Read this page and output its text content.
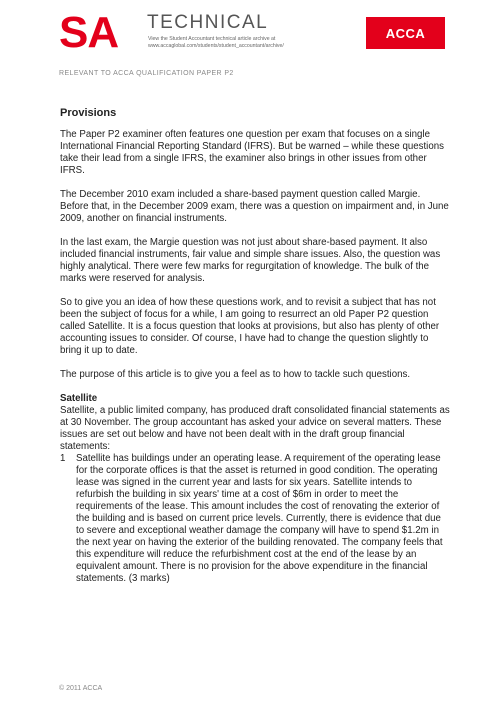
SA TECHNICAL
View the Student Accountant technical article archive at www.accaglobal.com/students/student_accountant/archive/
ACCA
RELEVANT TO ACCA QUALIFICATION PAPER P2
Provisions

The Paper P2 examiner often features one question per exam that focuses on a single International Financial Reporting Standard (IFRS). But be warned – while these questions take their lead from a single IFRS, the examiner also brings in other issues from other IFRS.

The December 2010 exam included a share-based payment question called Margie. Before that, in the December 2009 exam, there was a question on impairment and, in June 2009, another on financial instruments.

In the last exam, the Margie question was not just about share-based payment. It also included financial instruments, fair value and simple share issues. Also, the question was highly analytical. There were few marks for regurgitation of knowledge. The bulk of the marks were reserved for analysis.

So to give you an idea of how these questions work, and to revisit a subject that has not been the subject of focus for a while, I am going to resurrect an old Paper P2 question called Satellite. It is a focus question that looks at provisions, but also has plenty of other accounting issues to consider. Of course, I have had to change the question slightly to bring it up to date.

The purpose of this article is to give you a feel as to how to tackle such questions.

Satellite

Satellite, a public limited company, has produced draft consolidated financial statements as at 30 November. The group accountant has asked your advice on several matters. These issues are set out below and have not been dealt with in the draft group financial statements:

1	Satellite has buildings under an operating lease. A requirement of the operating lease for the corporate offices is that the asset is returned in good condition. The operating lease was signed in the current year and lasts for six years. Satellite intends to refurbish the building in six years' time at a cost of $6m in order to meet the requirements of the lease. This amount includes the cost of renovating the exterior of the building and is based on current price levels. Currently, there is evidence that due to severe and exceptional weather damage the company will have to spend $1.2m in the next year on having the exterior of the building renovated. The company feels that this expenditure will reduce the refurbishment cost at the end of the lease by an equivalent amount. There is no provision for the above expenditure in the financial statements. (3 marks)
© 2011 ACCA
